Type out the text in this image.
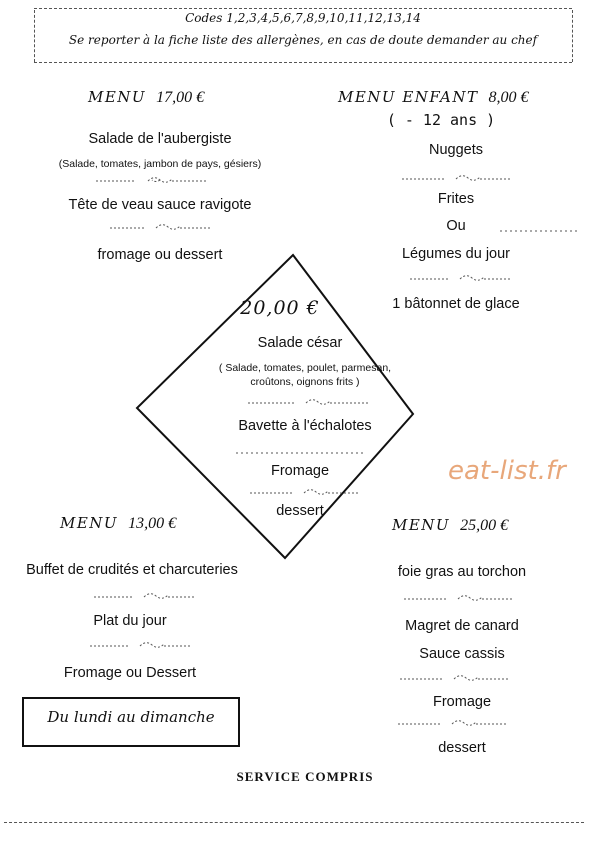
Codes 1,2,3,4,5,6,7,8,9,10,11,12,13,14
Se reporter à la fiche liste des allergènes, en cas de doute demander au chef
MENU 17,00 €
Salade de l'aubergiste
(Salade, tomates, jambon de pays, gésiers)
Tête de veau sauce ravigote
fromage ou dessert
MENU ENFANT 8,00 €
( - 12 ans )
Nuggets
Frites
Ou
Légumes du jour
1 bâtonnet de glace
20,00 €
Salade césar
( Salade, tomates, poulet, parmesan,
croûtons, oignons frits )
Bavette à l'échalotes
Fromage
dessert
eat-list.fr
MENU 13,00 €
Buffet de crudités et charcuteries
Plat du jour
Fromage ou Dessert
Du lundi au dimanche
MENU 25,00 €
foie gras au torchon
Magret de canard
Sauce cassis
Fromage
dessert
SERVICE COMPRIS
